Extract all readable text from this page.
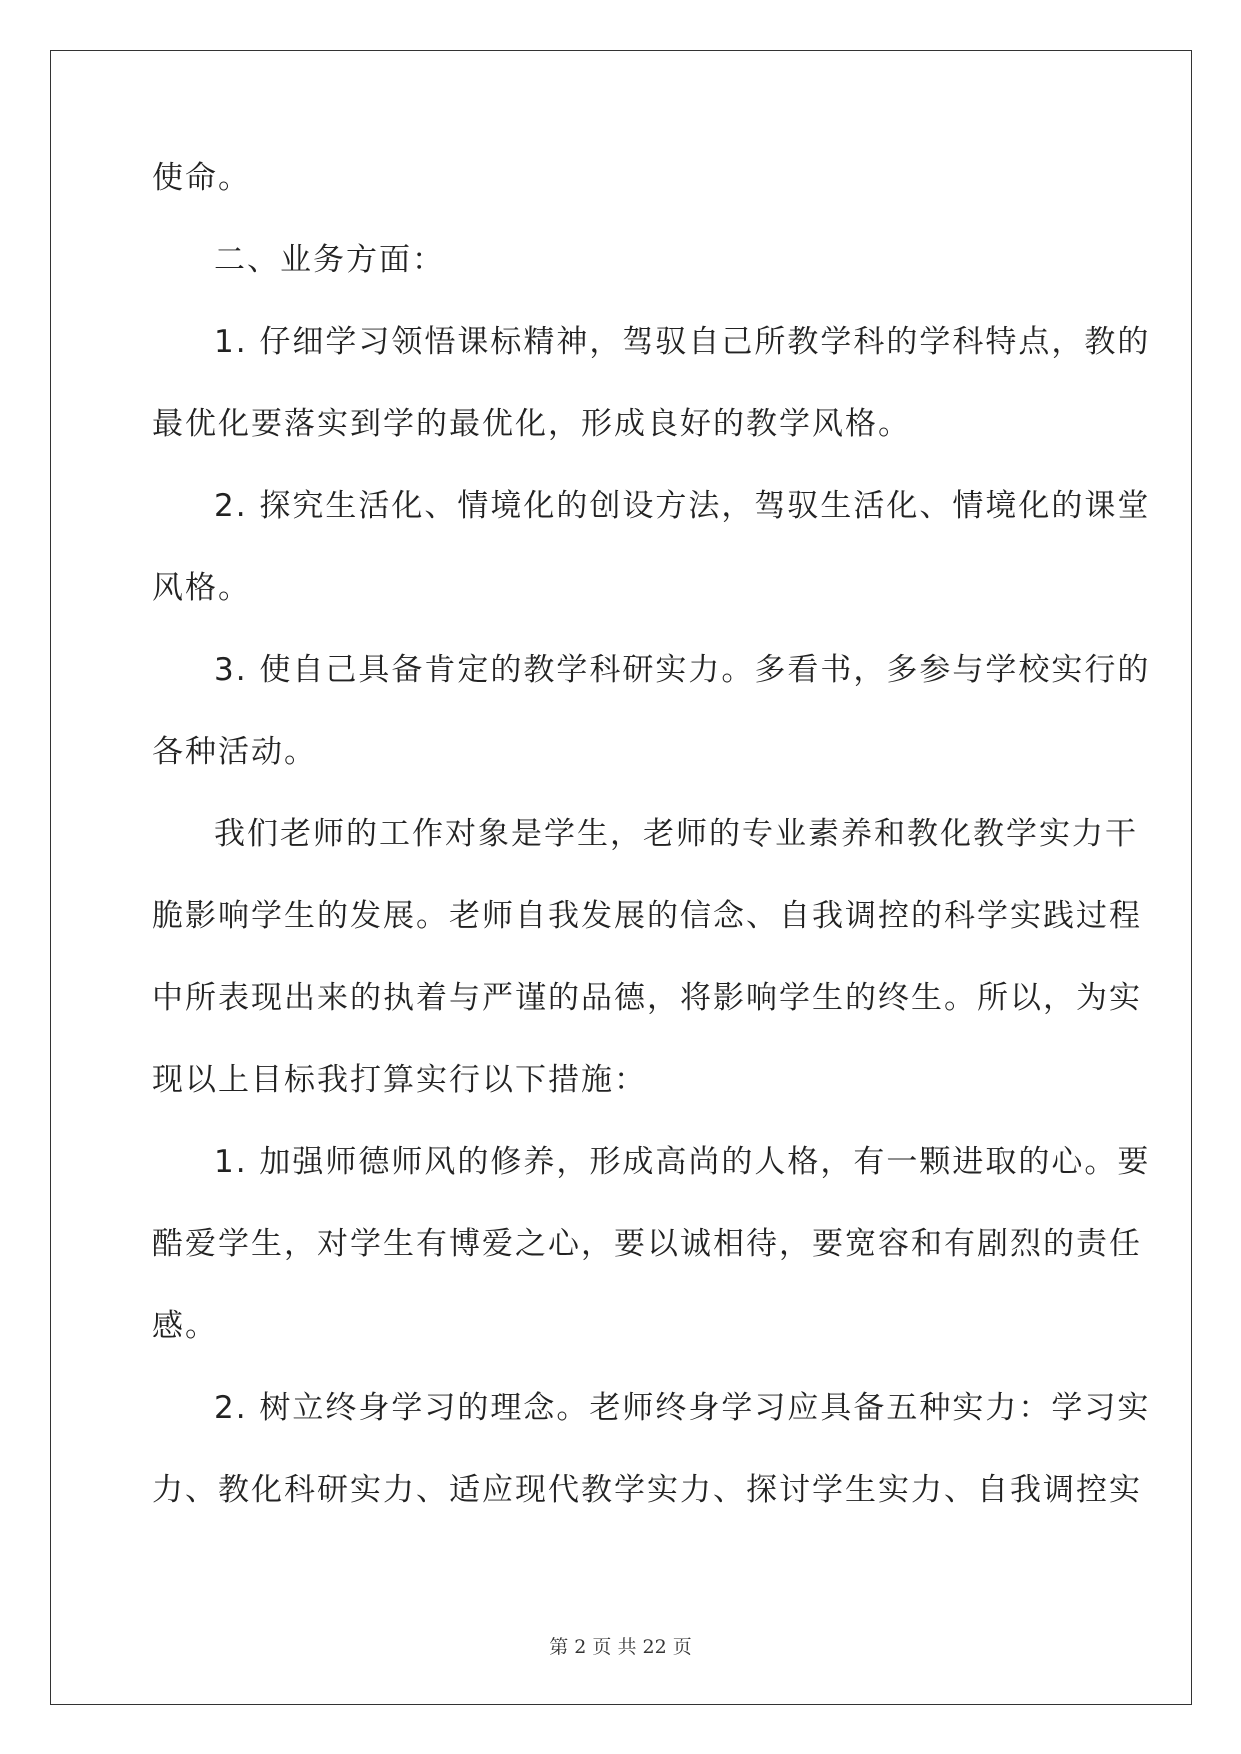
使命。
二、业务方面：
1. 仔细学习领悟课标精神，驾驭自己所教学科的学科特点，教的
最优化要落实到学的最优化，形成良好的教学风格。
2. 探究生活化、情境化的创设方法，驾驭生活化、情境化的课堂
风格。
3. 使自己具备肯定的教学科研实力。多看书，多参与学校实行的
各种活动。
我们老师的工作对象是学生，老师的专业素养和教化教学实力干
脆影响学生的发展。老师自我发展的信念、自我调控的科学实践过程
中所表现出来的执着与严谨的品德，将影响学生的终生。所以，为实
现以上目标我打算实行以下措施：
1. 加强师德师风的修养，形成高尚的人格，有一颗进取的心。要
酷爱学生，对学生有博爱之心，要以诚相待，要宽容和有剧烈的责任
感。
2. 树立终身学习的理念。老师终身学习应具备五种实力：学习实
力、教化科研实力、适应现代教学实力、探讨学生实力、自我调控实
第 2 页 共 22 页
